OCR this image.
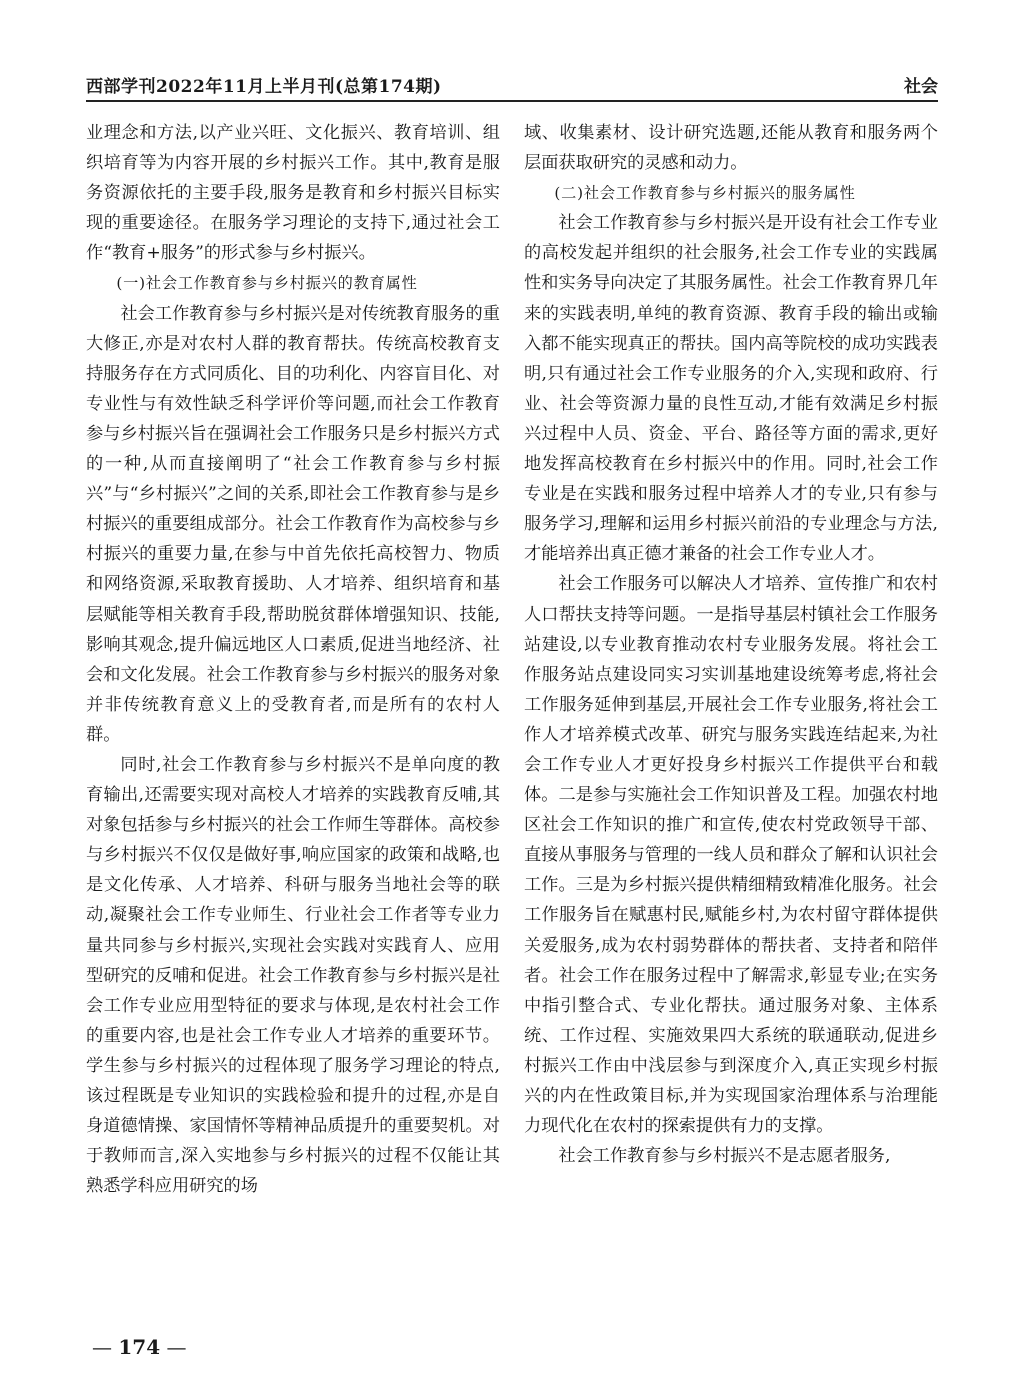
西部学刊2022年11月上半月刊(总第174期)	社会

业理念和方法,以产业兴旺、文化振兴、教育培训、组织培育等为内容开展的乡村振兴工作。其中,教育是服务资源依托的主要手段,服务是教育和乡村振兴目标实现的重要途径。在服务学习理论的支持下,通过社会工作“教育+服务”的形式参与乡村振兴。

(一)社会工作教育参与乡村振兴的教育属性

社会工作教育参与乡村振兴是对传统教育服务的重大修正,亦是对农村人群的教育帮扶。传统高校教育支持服务存在方式同质化、目的功利化、内容盲目化、对专业性与有效性缺乏科学评价等问题,而社会工作教育参与乡村振兴旨在强调社会工作服务只是乡村振兴方式的一种,从而直接阐明了“社会工作教育参与乡村振兴”与“乡村振兴”之间的关系,即社会工作教育参与是乡村振兴的重要组成部分。社会工作教育作为高校参与乡村振兴的重要力量,在参与中首先依托高校智力、物质和网络资源,采取教育援助、人才培养、组织培育和基层赋能等相关教育手段,帮助脱贫群体增强知识、技能,影响其观念,提升偏远地区人口素质,促进当地经济、社会和文化发展。社会工作教育参与乡村振兴的服务对象并非传统教育意义上的受教育者,而是所有的农村人群。

同时,社会工作教育参与乡村振兴不是单向度的教育输出,还需要实现对高校人才培养的实践教育反哺,其对象包括参与乡村振兴的社会工作师生等群体。高校参与乡村振兴不仅仅是做好事,响应国家的政策和战略,也是文化传承、人才培养、科研与服务当地社会等的联动,凝聚社会工作专业师生、行业社会工作者等专业力量共同参与乡村振兴,实现社会实践对实践育人、应用型研究的反哺和促进。社会工作教育参与乡村振兴是社会工作专业应用型特征的要求与体现,是农村社会工作的重要内容,也是社会工作专业人才培养的重要环节。学生参与乡村振兴的过程体现了服务学习理论的特点,该过程既是专业知识的实践检验和提升的过程,亦是自身道德情操、家国情怀等精神品质提升的重要契机。对于教师而言,深入实地参与乡村振兴的过程不仅能让其熟悉学科应用研究的场

域、收集素材、设计研究选题,还能从教育和服务两个层面获取研究的灵感和动力。

(二)社会工作教育参与乡村振兴的服务属性

社会工作教育参与乡村振兴是开设有社会工作专业的高校发起并组织的社会服务,社会工作专业的实践属性和实务导向决定了其服务属性。社会工作教育界几年来的实践表明,单纯的教育资源、教育手段的输出或输入都不能实现真正的帮扶。国内高等院校的成功实践表明,只有通过社会工作专业服务的介入,实现和政府、行业、社会等资源力量的良性互动,才能有效满足乡村振兴过程中人员、资金、平台、路径等方面的需求,更好地发挥高校教育在乡村振兴中的作用。同时,社会工作专业是在实践和服务过程中培养人才的专业,只有参与服务学习,理解和运用乡村振兴前沿的专业理念与方法,才能培养出真正德才兼备的社会工作专业人才。

社会工作服务可以解决人才培养、宣传推广和农村人口帮扶支持等问题。一是指导基层村镇社会工作服务站建设,以专业教育推动农村专业服务发展。将社会工作服务站点建设同实习实训基地建设统筹考虑,将社会工作服务延伸到基层,开展社会工作专业服务,将社会工作人才培养模式改革、研究与服务实践连结起来,为社会工作专业人才更好投身乡村振兴工作提供平台和载体。二是参与实施社会工作知识普及工程。加强农村地区社会工作知识的推广和宣传,使农村党政领导干部、直接从事服务与管理的一线人员和群众了解和认识社会工作。三是为乡村振兴提供精细精致精准化服务。社会工作服务旨在赋惠村民,赋能乡村,为农村留守群体提供关爱服务,成为农村弱势群体的帮扶者、支持者和陪伴者。社会工作在服务过程中了解需求,彰显专业;在实务中指引整合式、专业化帮扶。通过服务对象、主体系统、工作过程、实施效果四大系统的联通联动,促进乡村振兴工作由中浅层参与到深度介入,真正实现乡村振兴的内在性政策目标,并为实现国家治理体系与治理能力现代化在农村的探索提供有力的支撑。

社会工作教育参与乡村振兴不是志愿者服务,

— 174 —
